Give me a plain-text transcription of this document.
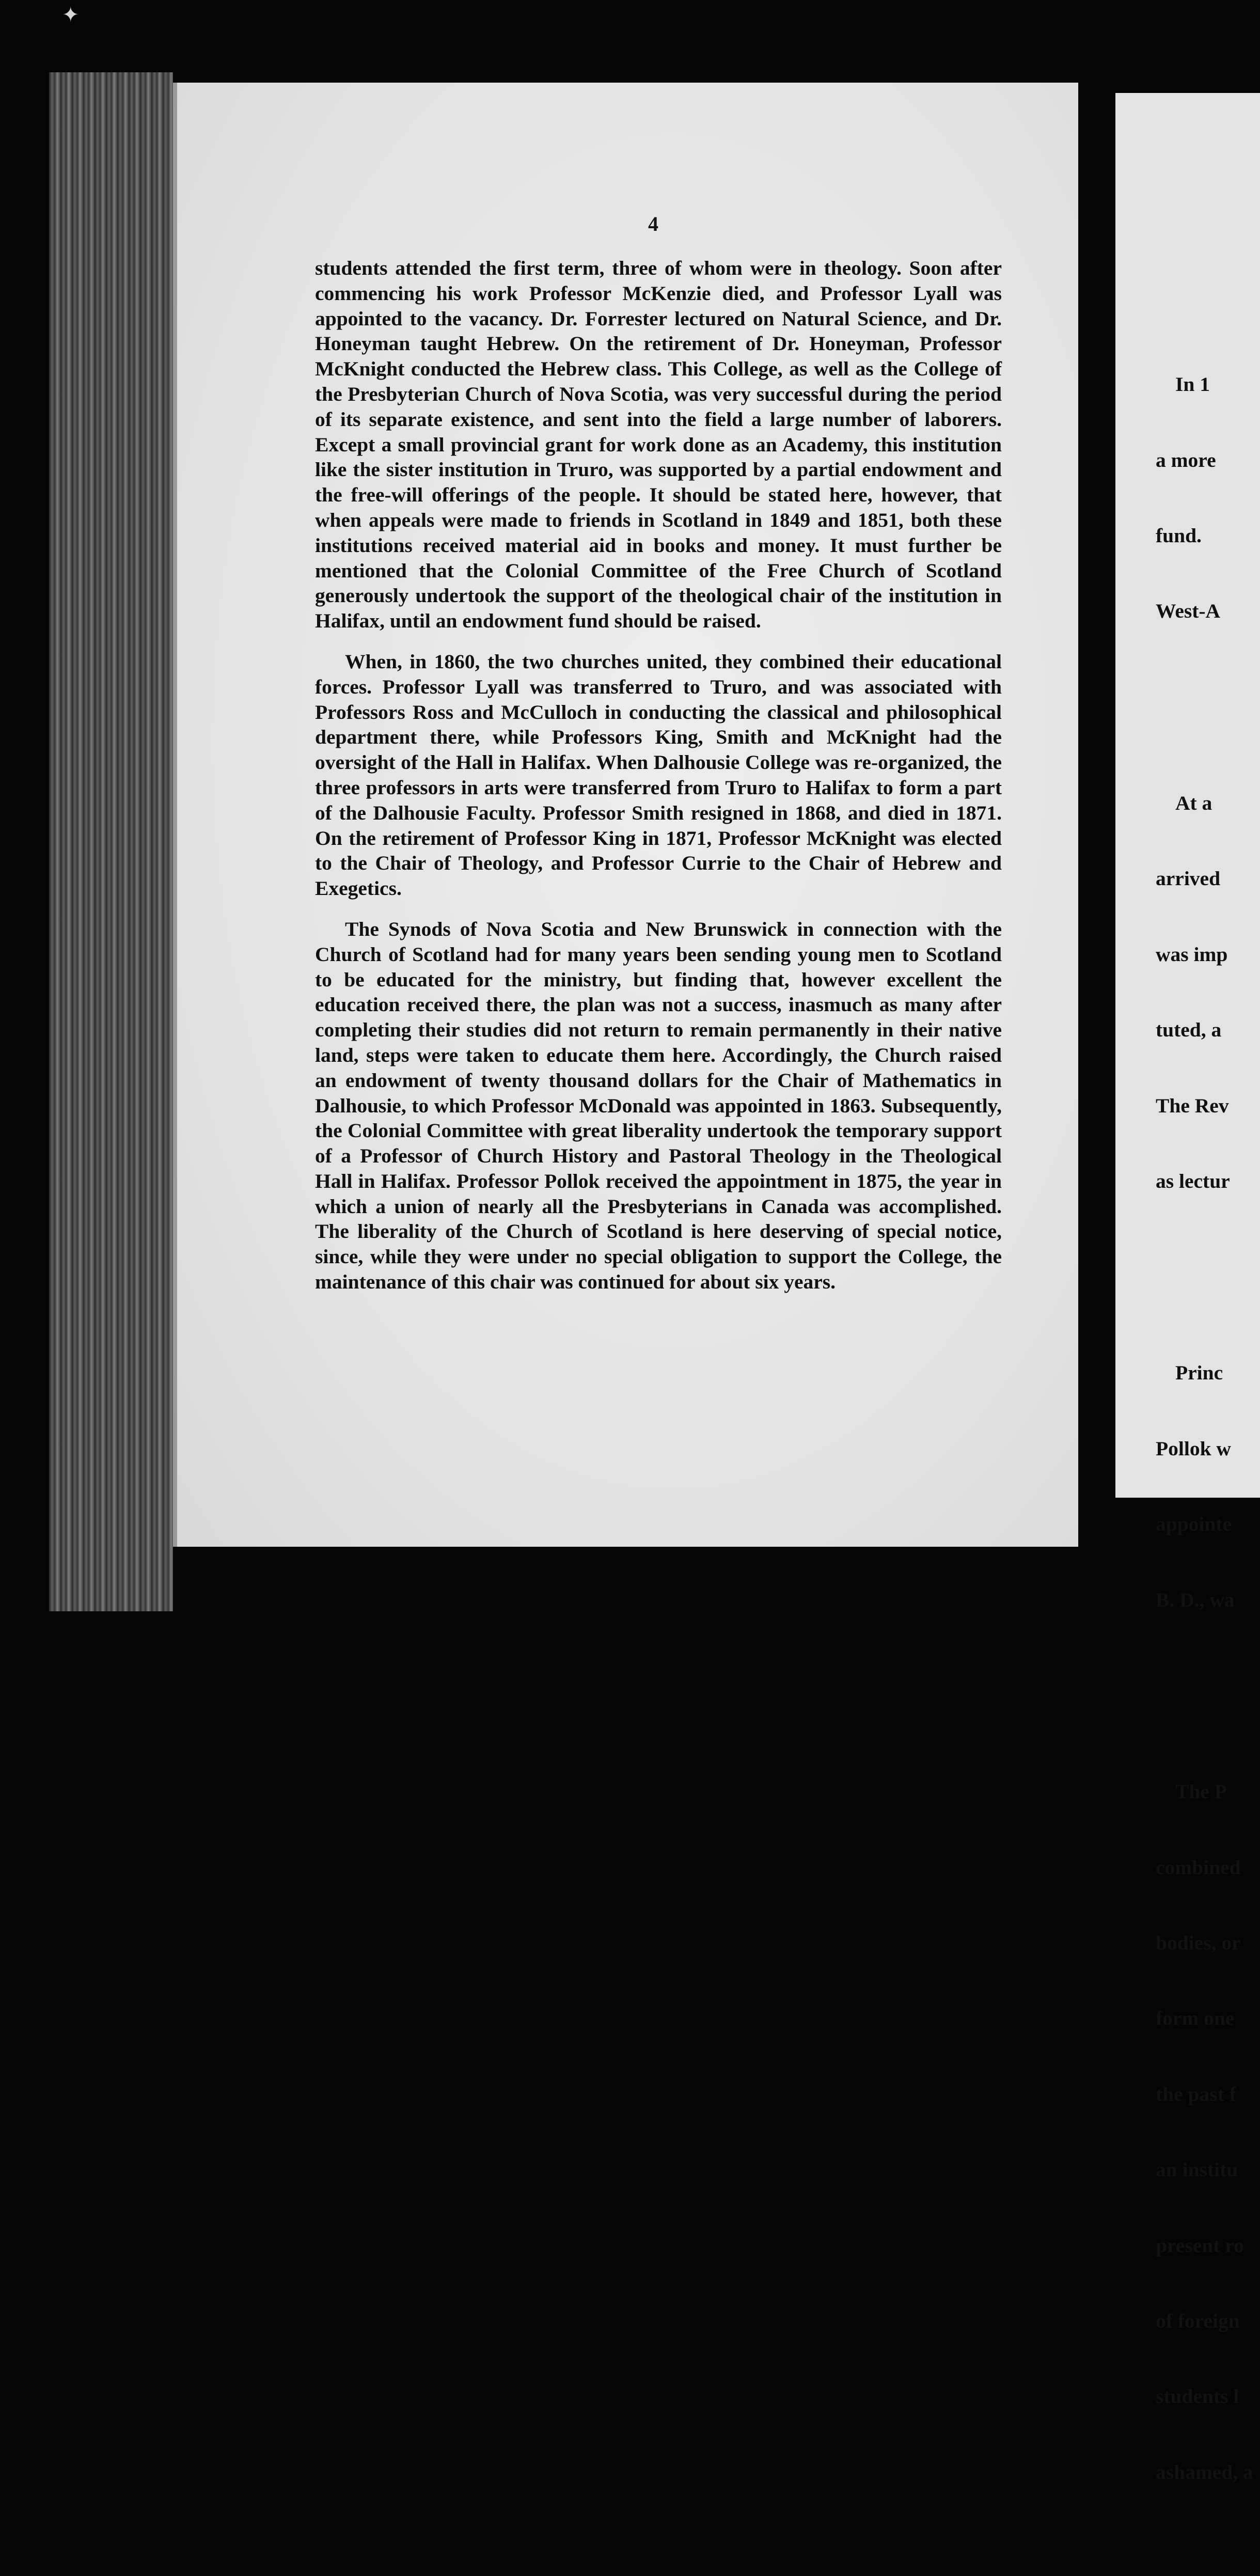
✦
4

students attended the first term, three of whom were in theology. Soon after commencing his work Professor McKenzie died, and Professor Lyall was appointed to the vacancy. Dr. Forrester lectured on Natural Science, and Dr. Honeyman taught Hebrew. On the retirement of Dr. Honeyman, Professor McKnight conducted the Hebrew class. This College, as well as the College of the Presbyterian Church of Nova Scotia, was very successful during the period of its separate existence, and sent into the field a large number of laborers. Except a small provincial grant for work done as an Academy, this institution like the sister institution in Truro, was supported by a partial endowment and the free-will offerings of the people. It should be stated here, however, that when appeals were made to friends in Scotland in 1849 and 1851, both these institutions received material aid in books and money. It must further be mentioned that the Colonial Committee of the Free Church of Scotland generously undertook the support of the theological chair of the institution in Halifax, until an endowment fund should be raised.

When, in 1860, the two churches united, they combined their educational forces. Professor Lyall was transferred to Truro, and was associated with Professors Ross and McCulloch in conducting the classical and philosophical department there, while Professors King, Smith and McKnight had the oversight of the Hall in Halifax. When Dalhousie College was re-organized, the three professors in arts were transferred from Truro to Halifax to form a part of the Dalhousie Faculty. Professor Smith resigned in 1868, and died in 1871. On the retirement of Professor King in 1871, Professor McKnight was elected to the Chair of Theology, and Professor Currie to the Chair of Hebrew and Exegetics.

The Synods of Nova Scotia and New Brunswick in connection with the Church of Scotland had for many years been sending young men to Scotland to be educated for the ministry, but finding that, however excellent the education received there, the plan was not a success, inasmuch as many after completing their studies did not return to remain permanently in their native land, steps were taken to educate them here. Accordingly, the Church raised an endowment of twenty thousand dollars for the Chair of Mathematics in Dalhousie, to which Professor McDonald was appointed in 1863. Subsequently, the Colonial Committee with great liberality undertook the temporary support of a Professor of Church History and Pastoral Theology in the Theological Hall in Halifax. Professor Pollok received the appointment in 1875, the year in which a union of nearly all the Presbyterians in Canada was accomplished. The liberality of the Church of Scotland is here deserving of special notice, since, while they were under no special obligation to support the College, the maintenance of this chair was continued for about six years.

In 1

a more

fund.

West-A

At a

arrived

was imp

tuted, a

The Rev

as lectur

Princ

Pollok w

appointe

B. D., wa

The P

combined

bodies, or

form one

the past f

an institu

present ro

of foreign

students l

ashamed, a
